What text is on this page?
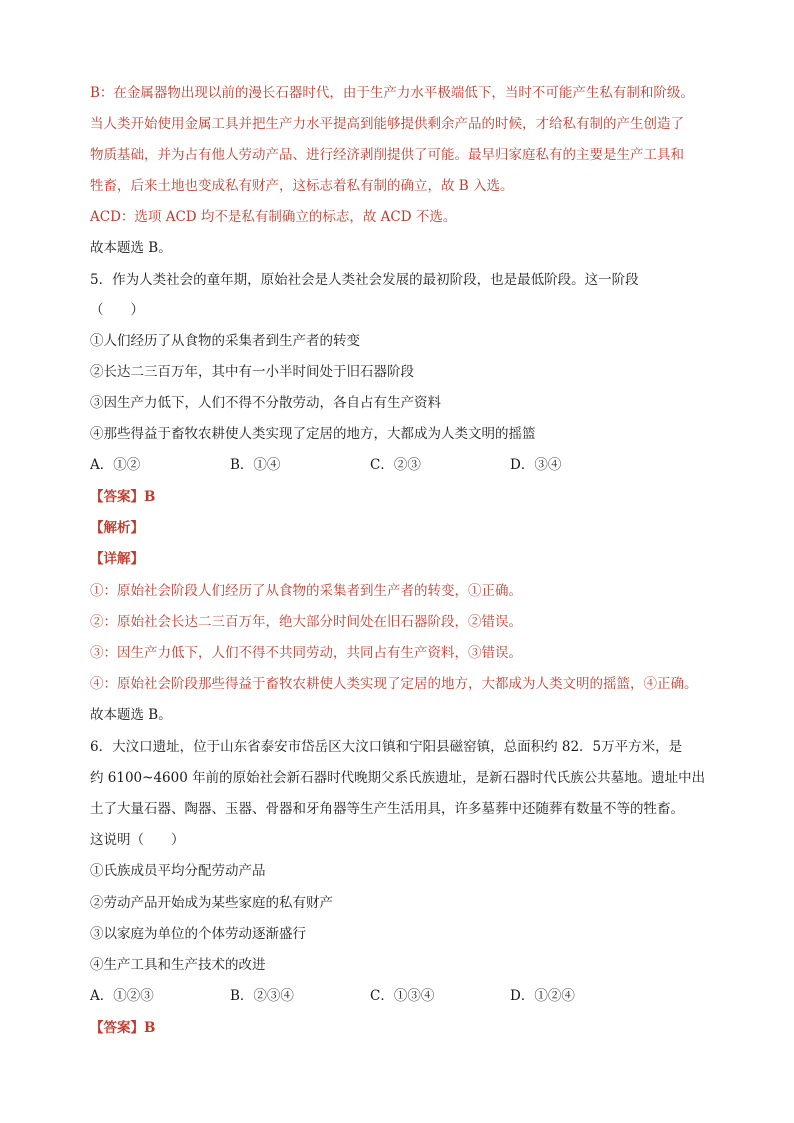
B：在金属器物出现以前的漫长石器时代，由于生产力水平极端低下，当时不可能产生私有制和阶级。
当人类开始使用金属工具并把生产力水平提高到能够提供剩余产品的时候，才给私有制的产生创造了
物质基础，并为占有他人劳动产品、进行经济剥削提供了可能。最早归家庭私有的主要是生产工具和
牲畜，后来土地也变成私有财产，这标志着私有制的确立，故 B 入选。
ACD：选项 ACD 均不是私有制确立的标志，故 ACD 不选。
故本题选 B。
5．作为人类社会的童年期，原始社会是人类社会发展的最初阶段，也是最低阶段。这一阶段
（　　）
①人们经历了从食物的采集者到生产者的转变
②长达二三百万年，其中有一小半时间处于旧石器阶段
③因生产力低下，人们不得不分散劳动，各自占有生产资料
④那些得益于畜牧农耕使人类实现了定居的地方，大都成为人类文明的摇篮
A．①②	B．①④	C．②③	D．③④
【答案】B
【解析】
【详解】
①：原始社会阶段人们经历了从食物的采集者到生产者的转变，①正确。
②：原始社会长达二三百万年，绝大部分时间处在旧石器阶段，②错误。
③：因生产力低下，人们不得不共同劳动，共同占有生产资料，③错误。
④：原始社会阶段那些得益于畜牧农耕使人类实现了定居的地方，大都成为人类文明的摇篮，④正确。
故本题选 B。
6．大汶口遗址，位于山东省泰安市岱岳区大汶口镇和宁阳县磁窑镇，总面积约 82．5万平方米，是
约 6100~4600 年前的原始社会新石器时代晚期父系氏族遗址，是新石器时代氏族公共墓地。遗址中出
土了大量石器、陶器、玉器、骨器和牙角器等生产生活用具，许多墓葬中还随葬有数量不等的牲畜。
这说明（　　）
①氏族成员平均分配劳动产品
②劳动产品开始成为某些家庭的私有财产
③以家庭为单位的个体劳动逐渐盛行
④生产工具和生产技术的改进
A．①②③	B．②③④	C．①③④	D．①②④
【答案】B
